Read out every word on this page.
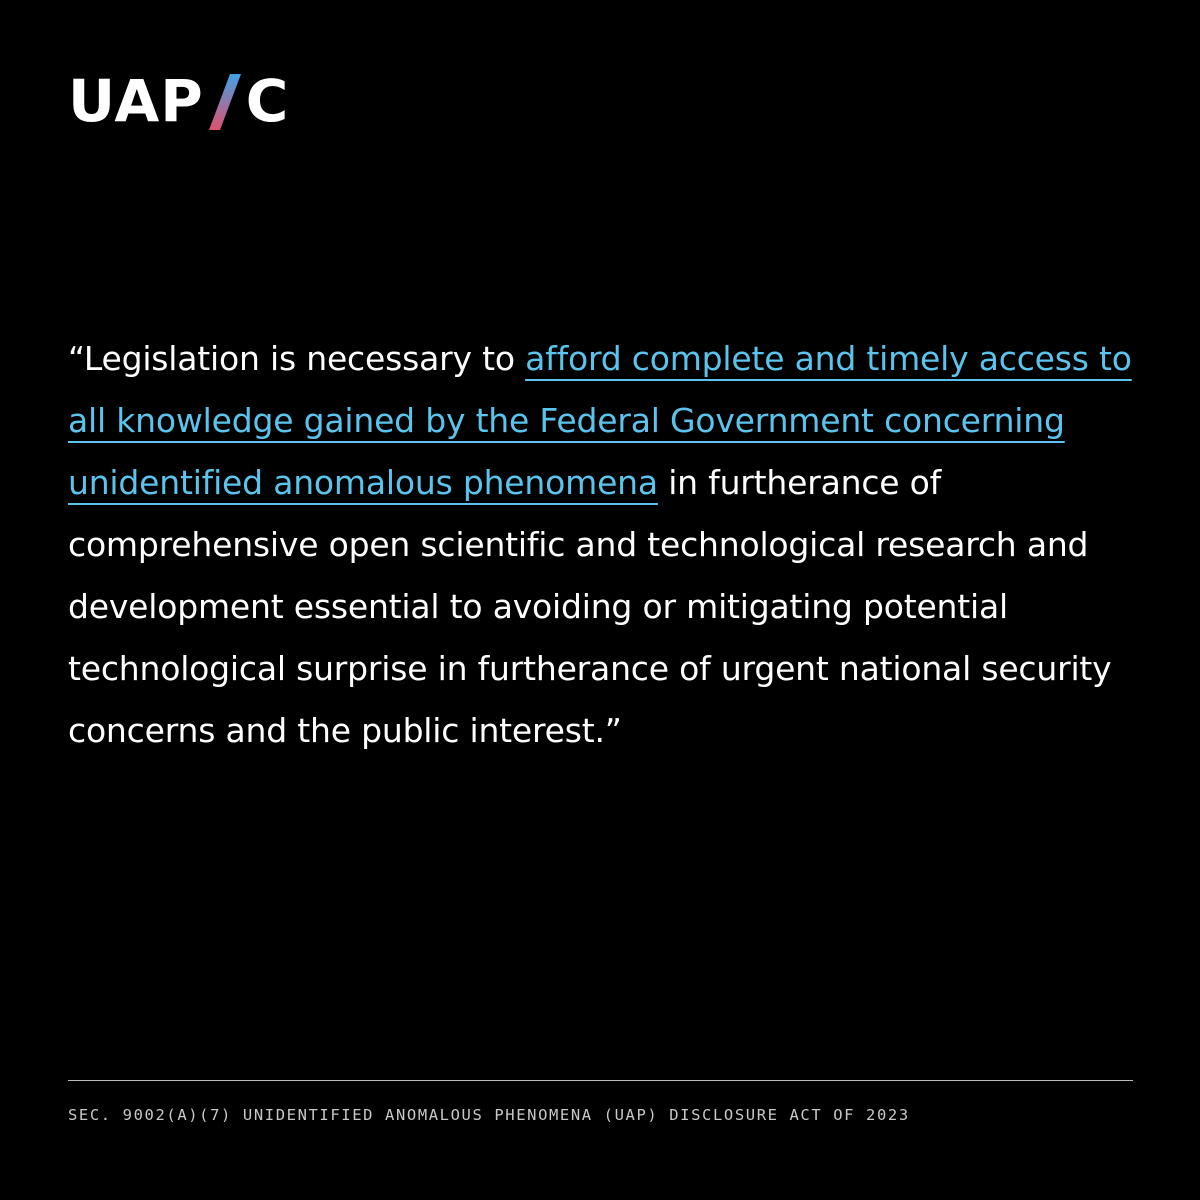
UAP C

“Legislation is necessary to afford complete and timely access to all knowledge gained by the Federal Government concerning unidentified anomalous phenomena in furtherance of comprehensive open scientific and technological research and development essential to avoiding or mitigating potential technological surprise in furtherance of urgent national security concerns and the public interest.”

SEC. 9002(A)(7) UNIDENTIFIED ANOMALOUS PHENOMENA (UAP) DISCLOSURE ACT OF 2023
